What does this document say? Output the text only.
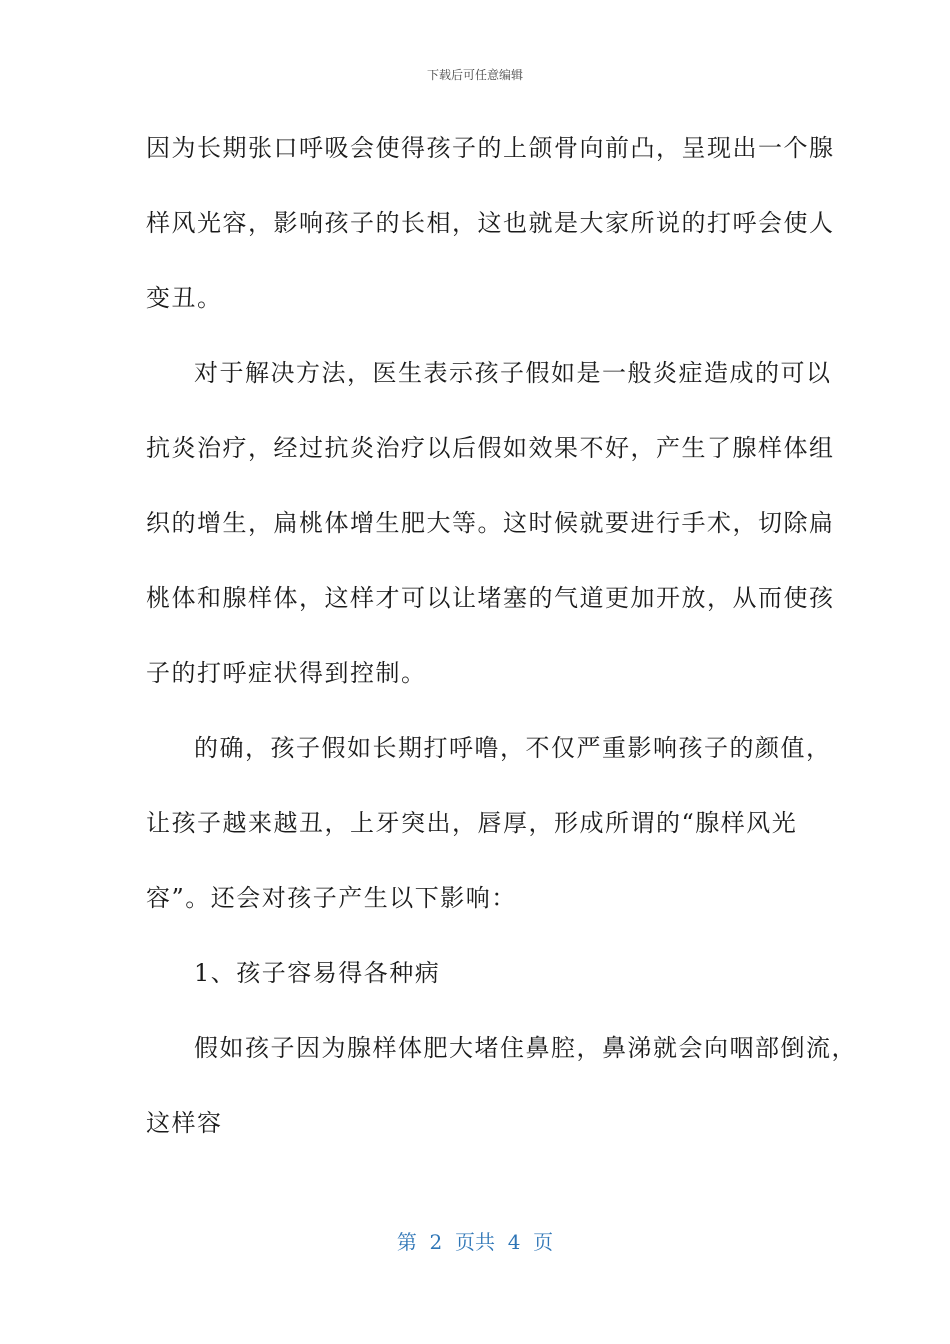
下载后可任意编辑
因为长期张口呼吸会使得孩子的上颌骨向前凸，呈现出一个腺
样风光容，影响孩子的长相，这也就是大家所说的打呼会使人
变丑。
对于解决方法，医生表示孩子假如是一般炎症造成的可以
抗炎治疗，经过抗炎治疗以后假如效果不好，产生了腺样体组
织的增生，扁桃体增生肥大等。这时候就要进行手术，切除扁
桃体和腺样体，这样才可以让堵塞的气道更加开放，从而使孩
子的打呼症状得到控制。
的确，孩子假如长期打呼噜，不仅严重影响孩子的颜值，
让孩子越来越丑，上牙突出，唇厚，形成所谓的“腺样风光
容”。还会对孩子产生以下影响：
1、孩子容易得各种病
假如孩子因为腺样体肥大堵住鼻腔，鼻涕就会向咽部倒流，
这样容
第  2  页共  4  页
